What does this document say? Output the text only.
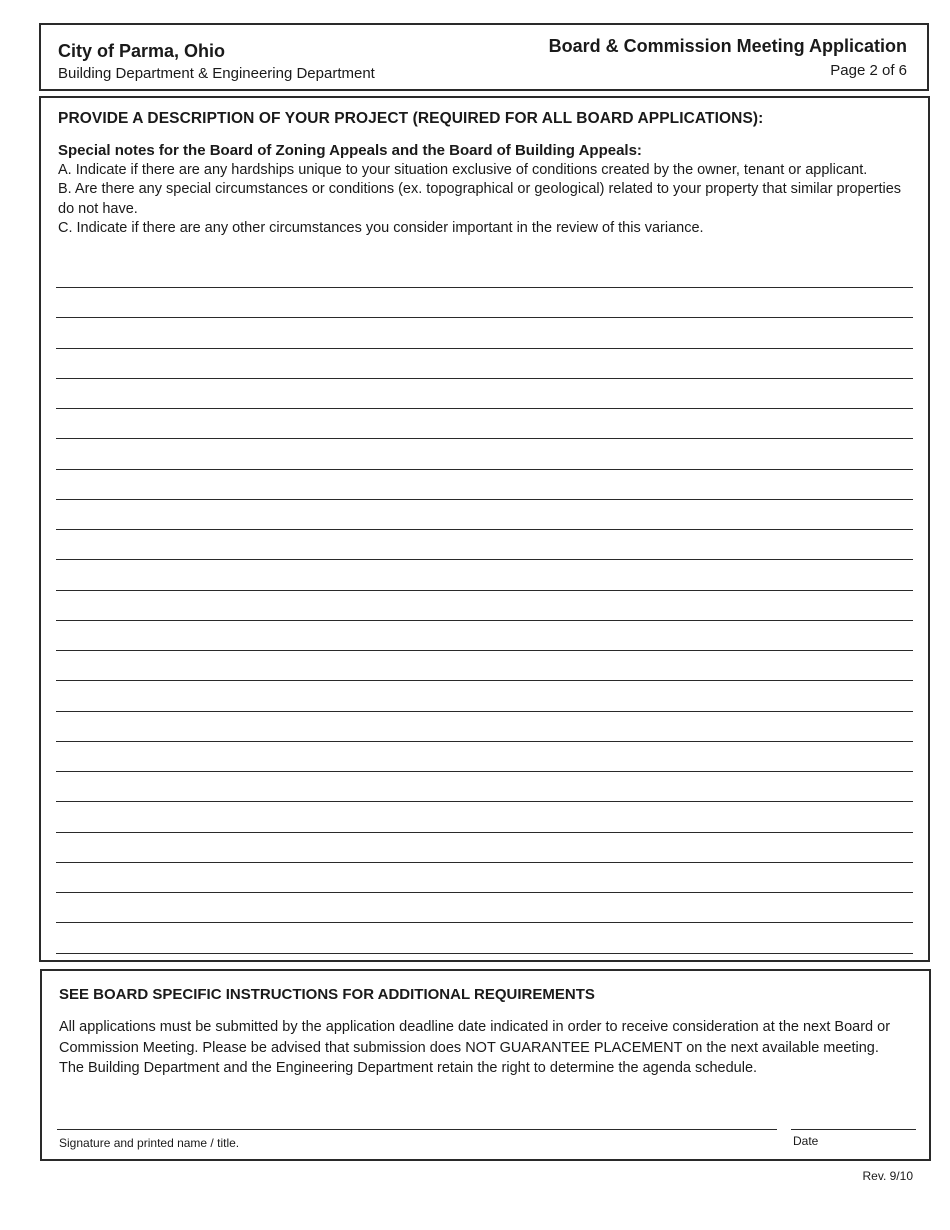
City of Parma, Ohio
Building Department & Engineering Department
Board & Commission Meeting Application
Page 2 of 6
PROVIDE A DESCRIPTION OF YOUR PROJECT (REQUIRED FOR ALL BOARD APPLICATIONS):
Special notes for the Board of Zoning Appeals and the Board of Building Appeals:

A. Indicate if there are any hardships unique to your situation exclusive of conditions created by the owner, tenant or applicant.

B. Are there any special circumstances or conditions (ex. topographical or geological) related to your property that similar properties do not have.

C. Indicate if there are any other circumstances you consider important in the review of this variance.

SEE BOARD SPECIFIC INSTRUCTIONS FOR ADDITIONAL REQUIREMENTS
All applications must be submitted by the application deadline date indicated in order to receive consideration at the next Board or Commission Meeting. Please be advised that submission does NOT GUARANTEE PLACEMENT on the next available meeting. The Building Department and the Engineering Department retain the right to determine the agenda schedule.
Signature and printed name / title.	Date
Rev. 9/10
